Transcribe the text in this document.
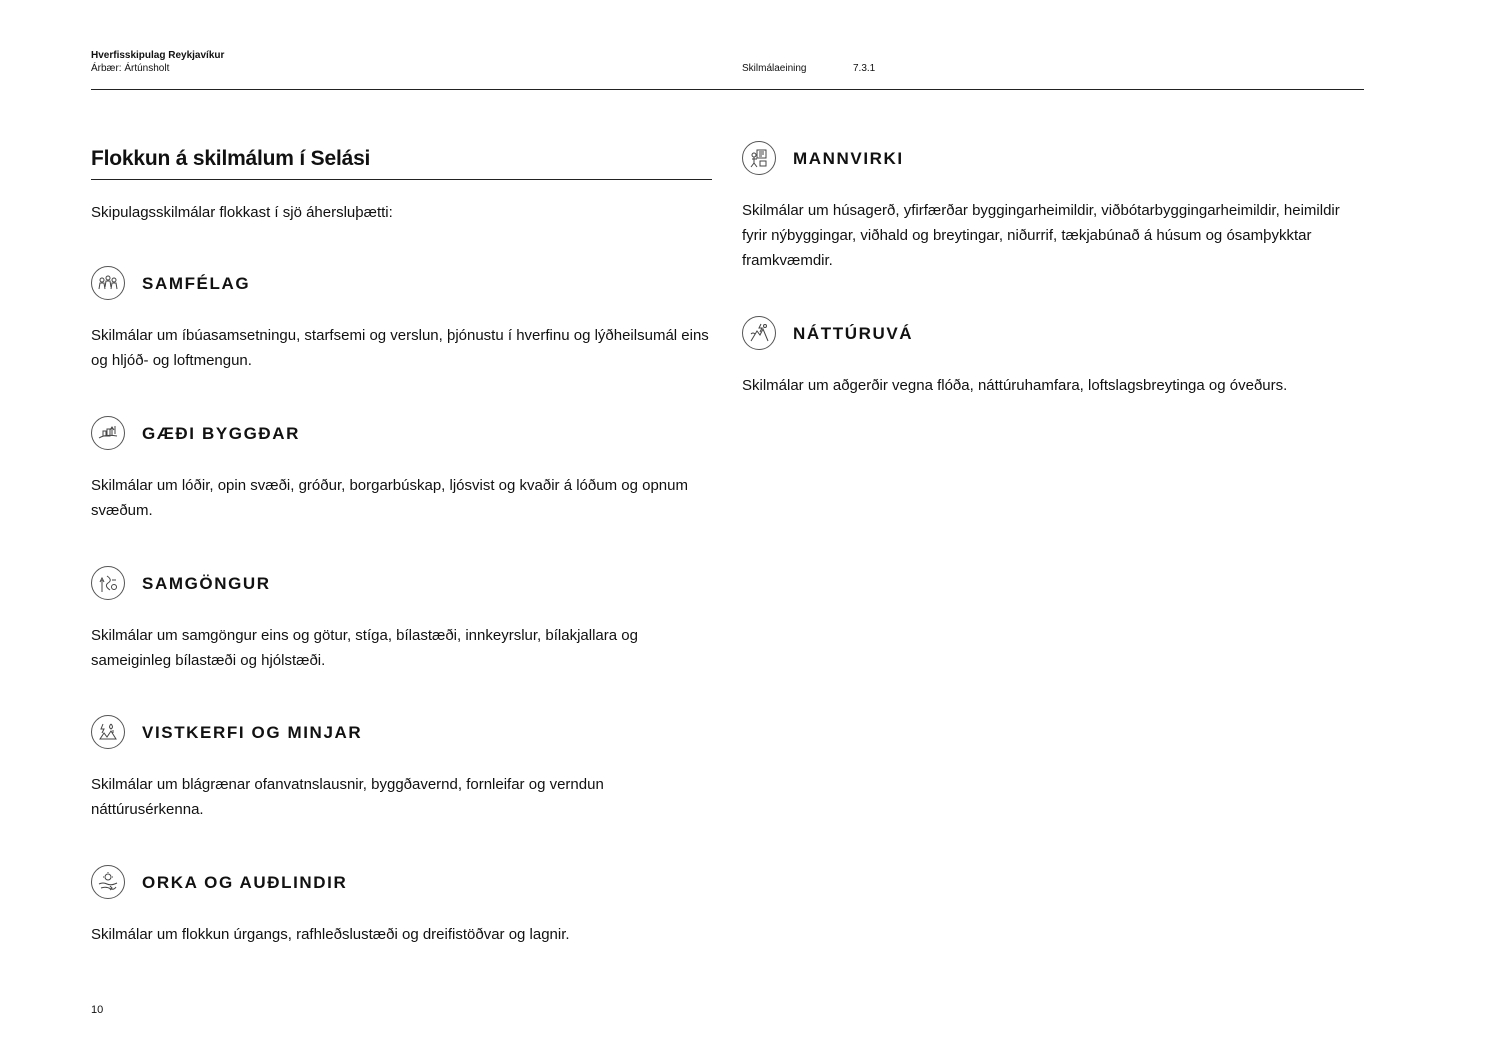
Hverfisskipulag Reykjavíkur
Árbær: Ártúnsholt	Skilmálaeining	7.3.1
Flokkun á skilmálum í Selási
Skipulagsskilmálar flokkast í sjö áhersluþætti:
SAMFÉLAG
Skilmálar um íbúasamsetningu, starfsemi og verslun, þjónustu í hverfinu og lýðheilsumál eins og hljóð- og loftmengun.
GÆÐI BYGGÐAR
Skilmálar um lóðir, opin svæði, gróður, borgarbúskap, ljósvist og kvaðir á lóðum og opnum svæðum.
SAMGÖNGUR
Skilmálar um samgöngur eins og götur, stíga, bílastæði, innkeyrslur, bílakjallara og sameiginleg bílastæði og hjólstæði.
VISTKERFI OG MINJAR
Skilmálar um blágrænar ofanvatnslausnir, byggðavernd, fornleifar og verndun náttúrusérkenna.
ORKA OG AUÐLINDIR
Skilmálar um flokkun úrgangs, rafhleðslustæði og dreifistöðvar og lagnir.
MANNVIRKI
Skilmálar um húsagerð, yfirfærðar byggingarheimildir, viðbótarbyggingarheimildir, heimildir fyrir nýbyggingar, viðhald og breytingar, niðurrif, tækjabúnað á húsum og ósamþykktar framkvæmdir.
NÁTTÚRUVÁ
Skilmálar um aðgerðir vegna flóða, náttúruhamfara, loftslagsbreytinga og óveðurs.
10
